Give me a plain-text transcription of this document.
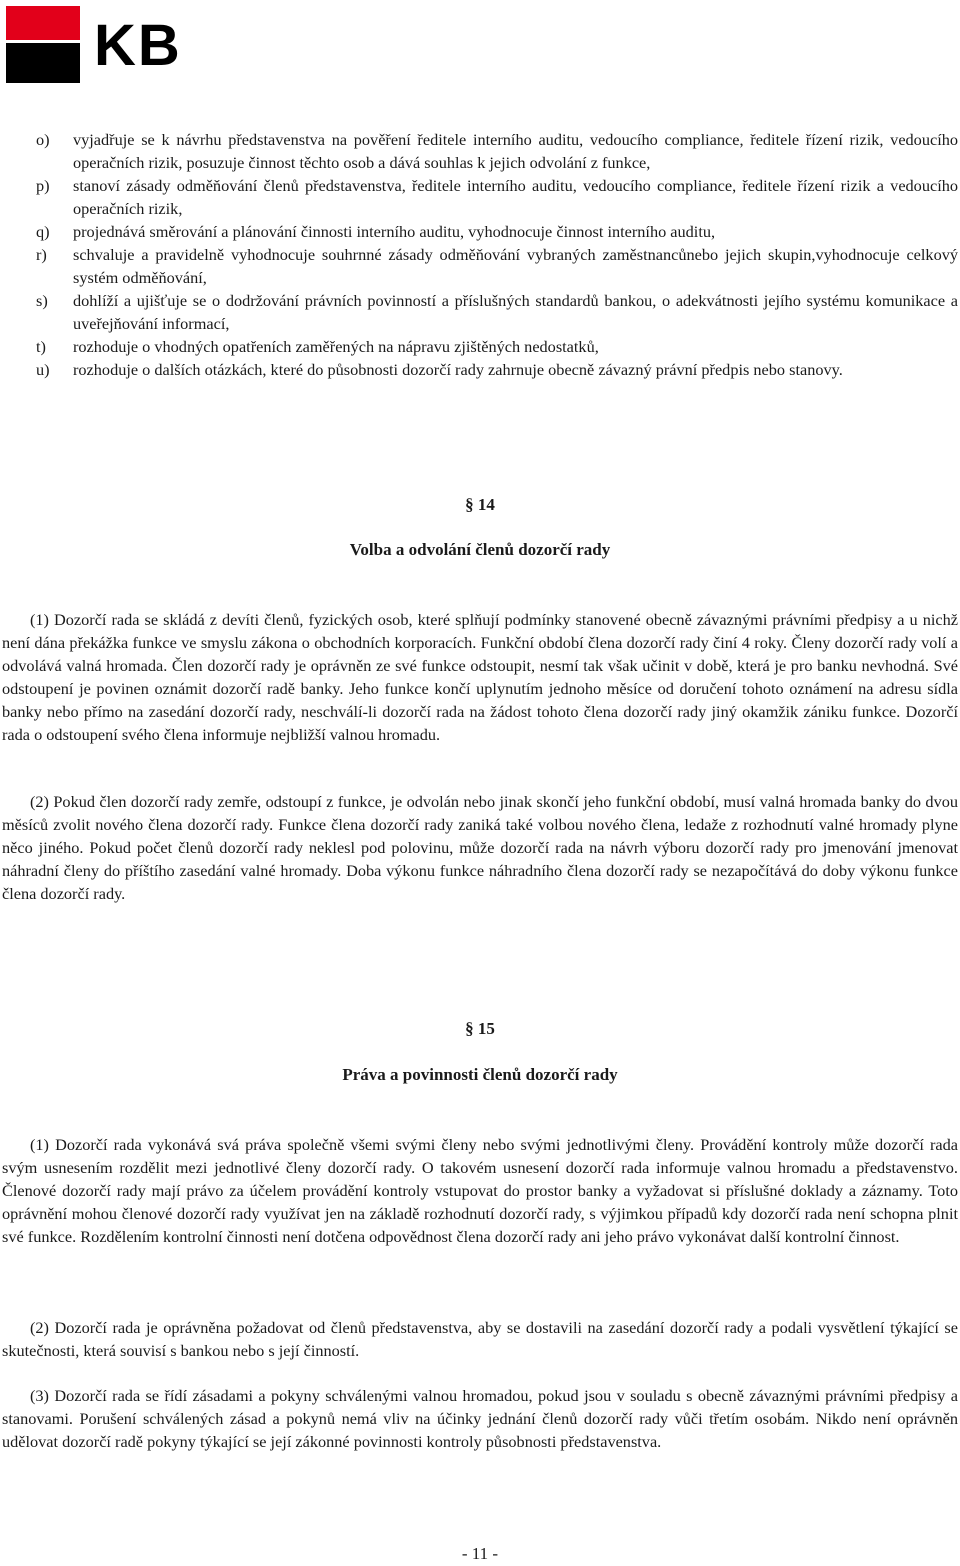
KB
o)	vyjadřuje se k návrhu představenstva na pověření ředitele interního auditu, vedoucího compliance, ředitele řízení rizik, vedoucího operačních rizik, posuzuje činnost těchto osob a dává souhlas k jejich odvolání z funkce,
p)	stanoví zásady odměňování členů představenstva, ředitele interního auditu, vedoucího compliance, ředitele řízení rizik a vedoucího operačních rizik,
q)	projednává směrování a plánování činnosti interního auditu, vyhodnocuje činnost interního auditu,
r)	schvaluje a pravidelně vyhodnocuje souhrnné zásady odměňování vybraných zaměstnancůnebo jejich skupin,vyhodnocuje celkový systém odměňování,
s)	dohlíží a ujišťuje se o dodržování právních povinností a příslušných standardů bankou, o adekvátnosti jejího systému komunikace a uveřejňování informací,
t)	rozhoduje o vhodných opatřeních zaměřených na nápravu zjištěných nedostatků,
u)	rozhoduje o dalších otázkách, které do působnosti dozorčí rady zahrnuje obecně závazný právní předpis nebo stanovy.
§ 14
Volba a odvolání členů dozorčí rady

(1) Dozorčí rada se skládá z devíti členů, fyzických osob, které splňují podmínky stanovené obecně závaznými právními předpisy a u nichž není dána překážka funkce ve smyslu zákona o obchodních korporacích. Funkční období člena dozorčí rady činí 4 roky. Členy dozorčí rady volí a odvolává valná hromada. Člen dozorčí rady je oprávněn ze své funkce odstoupit, nesmí tak však učinit v době, která je pro banku nevhodná. Své odstoupení je povinen oznámit dozorčí radě banky. Jeho funkce končí uplynutím jednoho měsíce od doručení tohoto oznámení na adresu sídla banky nebo přímo na zasedání dozorčí rady, neschválí-li dozorčí rada na žádost tohoto člena dozorčí rady jiný okamžik zániku funkce. Dozorčí rada o odstoupení svého člena informuje nejbližší valnou hromadu.

(2) Pokud člen dozorčí rady zemře, odstoupí z funkce, je odvolán nebo jinak skončí jeho funkční období, musí valná hromada banky do dvou měsíců zvolit nového člena dozorčí rady. Funkce člena dozorčí rady zaniká také volbou nového člena, ledaže z rozhodnutí valné hromady plyne něco jiného. Pokud počet členů dozorčí rady neklesl pod polovinu, může dozorčí rada na návrh výboru dozorčí rady pro jmenování jmenovat náhradní členy do příštího zasedání valné hromady. Doba výkonu funkce náhradního člena dozorčí rady se nezapočítává do doby výkonu funkce člena dozorčí rady.

§ 15
Práva a povinnosti členů dozorčí rady

(1) Dozorčí rada vykonává svá práva společně všemi svými členy nebo svými jednotlivými členy. Provádění kontroly může dozorčí rada svým usnesením rozdělit mezi jednotlivé členy dozorčí rady. O takovém usnesení dozorčí rada informuje valnou hromadu a představenstvo. Členové dozorčí rady mají právo za účelem provádění kontroly vstupovat do prostor banky a vyžadovat si příslušné doklady a záznamy. Toto oprávnění mohou členové dozorčí rady využívat jen na základě rozhodnutí dozorčí rady, s výjimkou případů kdy dozorčí rada není schopna plnit své funkce. Rozdělením kontrolní činnosti není dotčena odpovědnost člena dozorčí rady ani jeho právo vykonávat další kontrolní činnost.

(2) Dozorčí rada je oprávněna požadovat od členů představenstva, aby se dostavili na zasedání dozorčí rady a podali vysvětlení týkající se skutečnosti, která souvisí s bankou nebo s její činností.

(3) Dozorčí rada se řídí zásadami a pokyny schválenými valnou hromadou, pokud jsou v souladu s obecně závaznými právními předpisy a stanovami. Porušení schválených zásad a pokynů nemá vliv na účinky jednání členů dozorčí rady vůči třetím osobám. Nikdo není oprávněn udělovat dozorčí radě pokyny týkající se její zákonné povinnosti kontroly působnosti představenstva.

- 11 -
